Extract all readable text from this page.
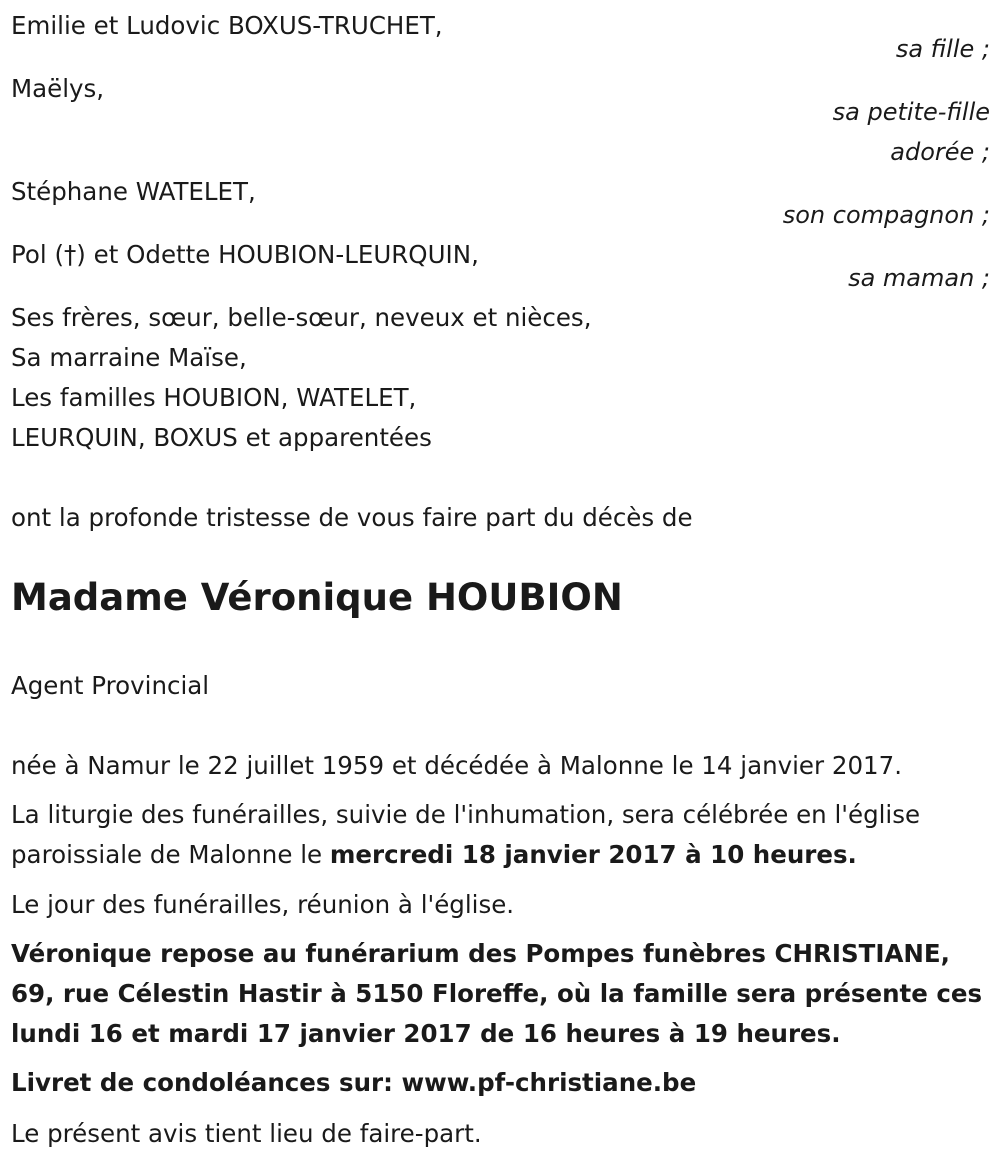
Emilie et Ludovic BOXUS-TRUCHET,
sa fille ;
Maëlys,
sa petite-fille
adorée ;
Stéphane WATELET,
son compagnon ;
Pol (†) et Odette HOUBION-LEURQUIN,
sa maman ;
Ses frères, sœur, belle-sœur, neveux et nièces,
Sa marraine Maïse,
Les familles HOUBION, WATELET,
LEURQUIN, BOXUS et apparentées
ont la profonde tristesse de vous faire part du décès de
Madame Véronique HOUBION
Agent Provincial
née à Namur le 22 juillet 1959 et décédée à Malonne le 14 janvier 2017.
La liturgie des funérailles, suivie de l'inhumation, sera célébrée en l'église paroissiale de Malonne le mercredi 18 janvier 2017 à 10 heures.
Le jour des funérailles, réunion à l'église.
Véronique repose au funérarium des Pompes funèbres CHRISTIANE,
69, rue Célestin Hastir à 5150 Floreffe, où la famille sera présente ces
lundi 16 et mardi 17 janvier 2017 de 16 heures à 19 heures.
Livret de condoléances sur: www.pf-christiane.be
Le présent avis tient lieu de faire-part.
